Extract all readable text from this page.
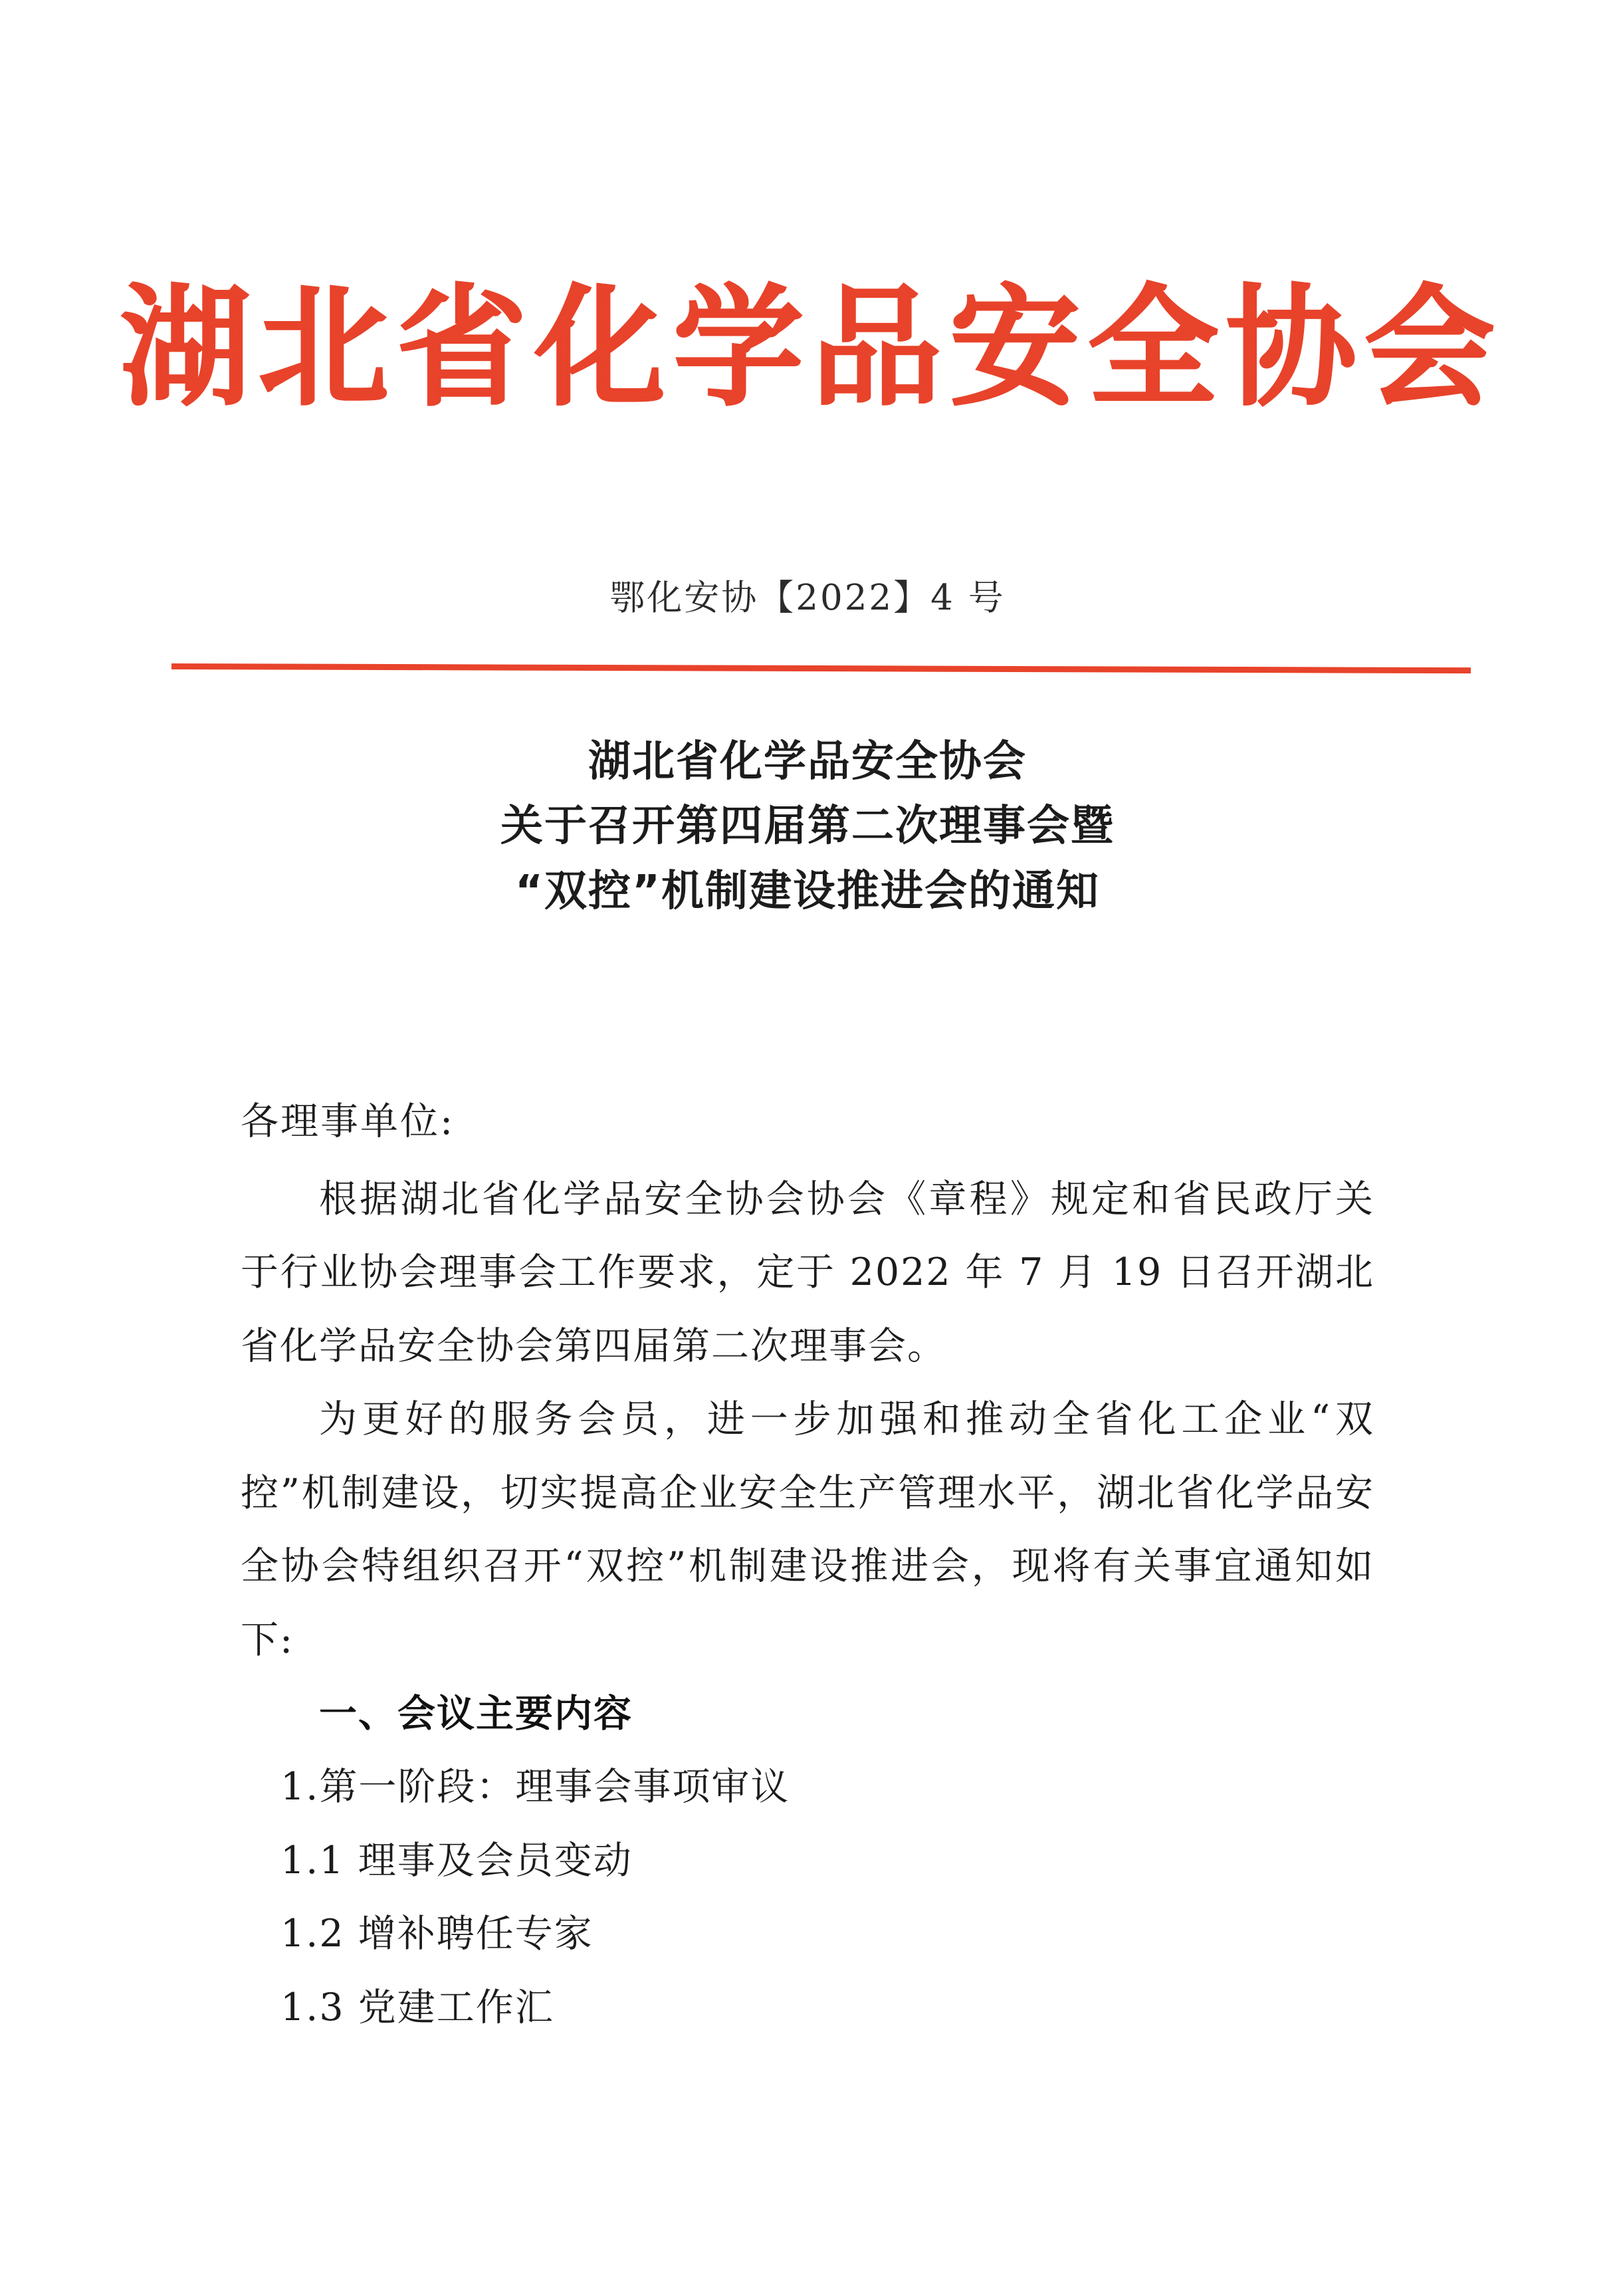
湖北省化学品安全协会
鄂化安协【2022】4 号
湖北省化学品安全协会
关于召开第四届第二次理事会暨
“双控”机制建设推进会的通知

各理事单位:

根据湖北省化学品安全协会协会《章程》规定和省民政厅关于行业协会理事会工作要求，定于 2022 年 7 月 19 日召开湖北省化学品安全协会第四届第二次理事会。

为更好的服务会员，进一步加强和推动全省化工企业“双控”机制建设，切实提高企业安全生产管理水平，湖北省化学品安全协会特组织召开“双控”机制建设推进会，现将有关事宜通知如下:

一、会议主要内容

1.第一阶段：理事会事项审议

1.1 理事及会员变动

1.2 增补聘任专家

1.3 党建工作汇
